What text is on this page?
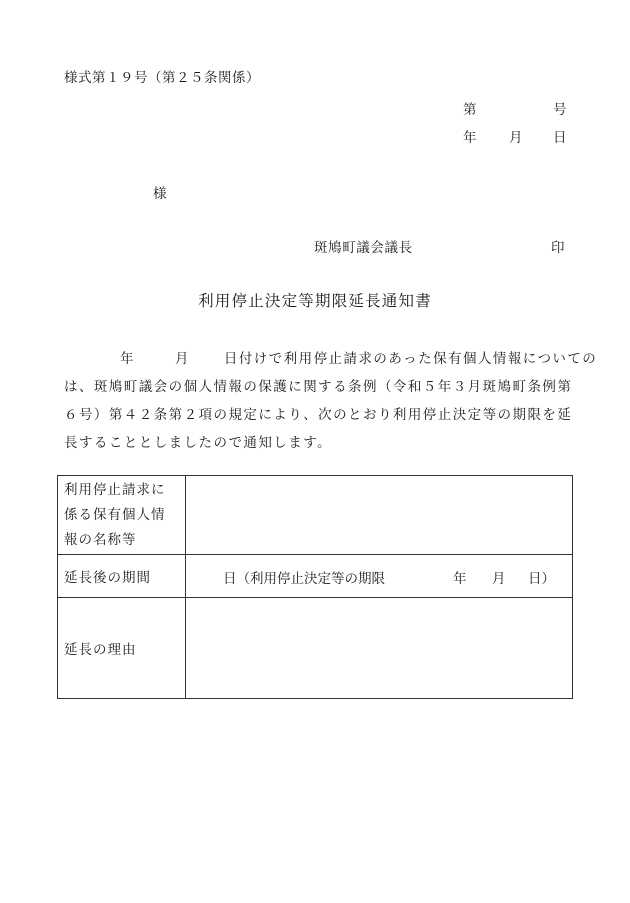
様式第１９号（第２５条関係）
第	号
年 月 日
様
斑鳩町議会議長	印
利用停止決定等期限延長通知書
年	月	日付けで利用停止請求のあった保有個人情報についての
は、斑鳩町議会の個人情報の保護に関する条例（令和５年３月斑鳩町条例第
６号）第４２条第２項の規定により、次のとおり利用停止決定等の期限を延
長することとしましたので通知します。
利用停止請求に
係る保有個人情
報の名称等	

延長後の期間	日（利用停止決定等の期限 年 月 日）

延長の理由	
